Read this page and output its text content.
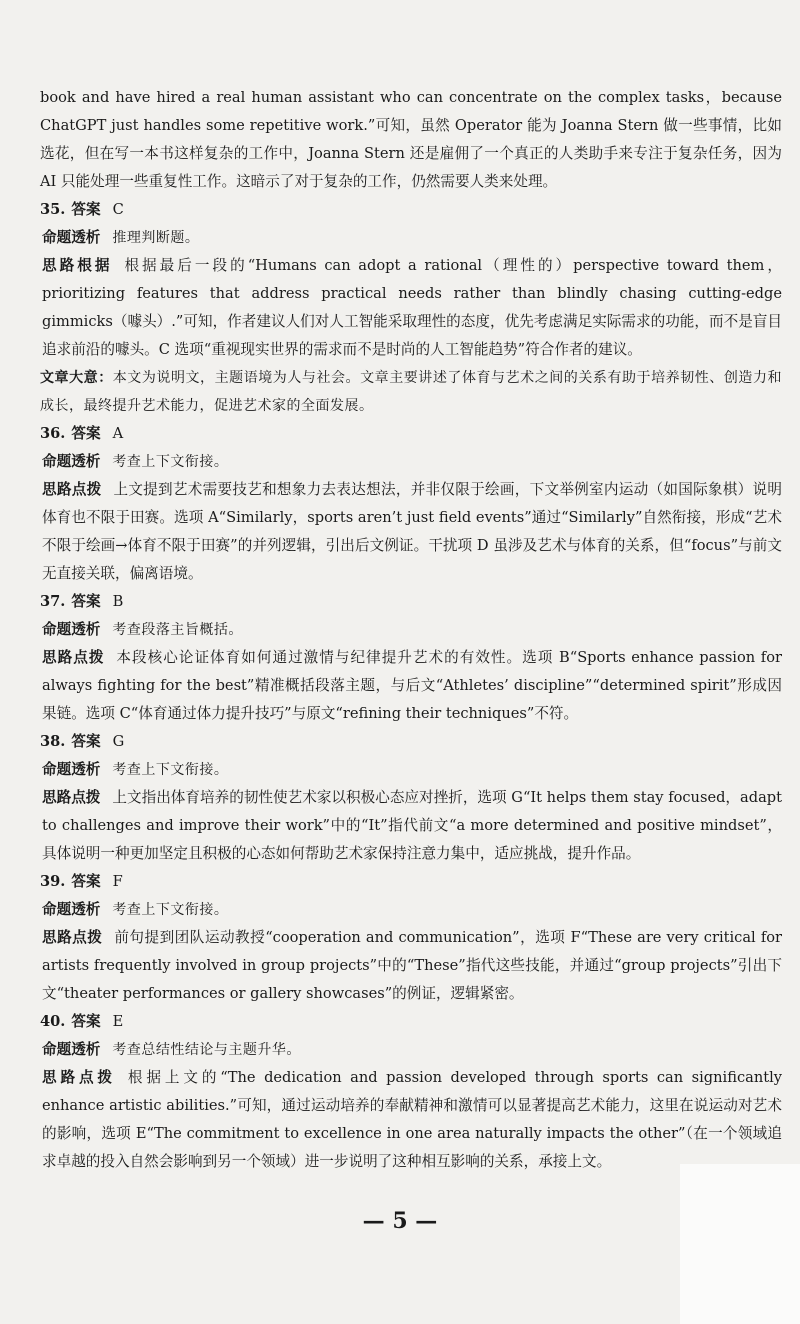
book and have hired a real human assistant who can concentrate on the complex tasks，because ChatGPT just handles some repetitive work.”可知，虽然 Operator 能为 Joanna Stern 做一些事情，比如选花，但在写一本书这样复杂的工作中，Joanna Stern 还是雇佣了一个真正的人类助手来专注于复杂任务，因为 AI 只能处理一些重复性工作。这暗示了对于复杂的工作，仍然需要人类来处理。

35. 答案 C

命题透析 推理判断题。

思路根据 根据最后一段的“Humans can adopt a rational（理性的）perspective toward them，prioritizing features that address practical needs rather than blindly chasing cutting-edge gimmicks（噱头）.”可知，作者建议人们对人工智能采取理性的态度，优先考虑满足实际需求的功能，而不是盲目追求前沿的噱头。C 选项“重视现实世界的需求而不是时尚的人工智能趋势”符合作者的建议。

文章大意：本文为说明文，主题语境为人与社会。文章主要讲述了体育与艺术之间的关系有助于培养韧性、创造力和成长，最终提升艺术能力，促进艺术家的全面发展。

36. 答案 A

命题透析 考查上下文衔接。

思路点拨 上文提到艺术需要技艺和想象力去表达想法，并非仅限于绘画，下文举例室内运动（如国际象棋）说明体育也不限于田赛。选项 A“Similarly，sports aren’t just field events”通过“Similarly”自然衔接，形成“艺术不限于绘画→体育不限于田赛”的并列逻辑，引出后文例证。干扰项 D 虽涉及艺术与体育的关系，但“focus”与前文无直接关联，偏离语境。

37. 答案 B

命题透析 考查段落主旨概括。

思路点拨 本段核心论证体育如何通过激情与纪律提升艺术的有效性。选项 B“Sports enhance passion for always fighting for the best”精准概括段落主题，与后文“Athletes’ discipline”“determined spirit”形成因果链。选项 C“体育通过体力提升技巧”与原文“refining their techniques”不符。

38. 答案 G

命题透析 考查上下文衔接。

思路点拨 上文指出体育培养的韧性使艺术家以积极心态应对挫折，选项 G“It helps them stay focused，adapt to challenges and improve their work”中的“It”指代前文“a more determined and positive mindset”，具体说明一种更加坚定且积极的心态如何帮助艺术家保持注意力集中，适应挑战，提升作品。

39. 答案 F

命题透析 考查上下文衔接。

思路点拨 前句提到团队运动教授“cooperation and communication”，选项 F“These are very critical for artists frequently involved in group projects”中的“These”指代这些技能，并通过“group projects”引出下文“theater performances or gallery showcases”的例证，逻辑紧密。

40. 答案 E

命题透析 考查总结性结论与主题升华。

思路点拨 根据上文的“The dedication and passion developed through sports can significantly enhance artistic abilities.”可知，通过运动培养的奉献精神和激情可以显著提高艺术能力，这里在说运动对艺术的影响，选项 E“The commitment to excellence in one area naturally impacts the other”（在一个领域追求卓越的投入自然会影响到另一个领域）进一步说明了这种相互影响的关系，承接上文。

— 5 —
